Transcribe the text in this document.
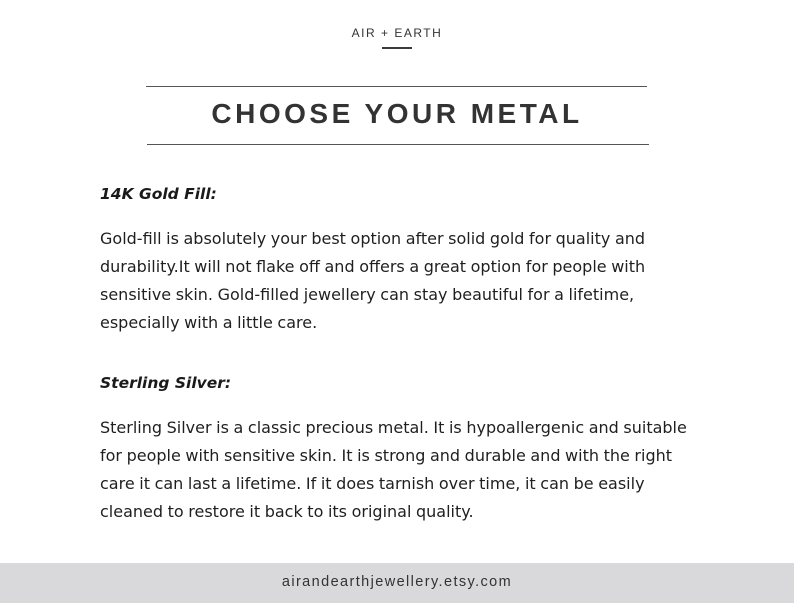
AIR + EARTH
CHOOSE YOUR METAL
14K Gold Fill:

Gold-fill is absolutely your best option after solid gold for quality and
durability.It will not flake off and offers a great option for people with
sensitive skin. Gold-filled jewellery can stay beautiful for a lifetime,
especially with a little care.

Sterling Silver:

Sterling Silver is a classic precious metal. It is hypoallergenic and suitable
for people with sensitive skin. It is strong and durable and with the right
care it can last a lifetime. If it does tarnish over time, it can be easily
cleaned to restore it back to its original quality.

airandearthjewellery.etsy.com
